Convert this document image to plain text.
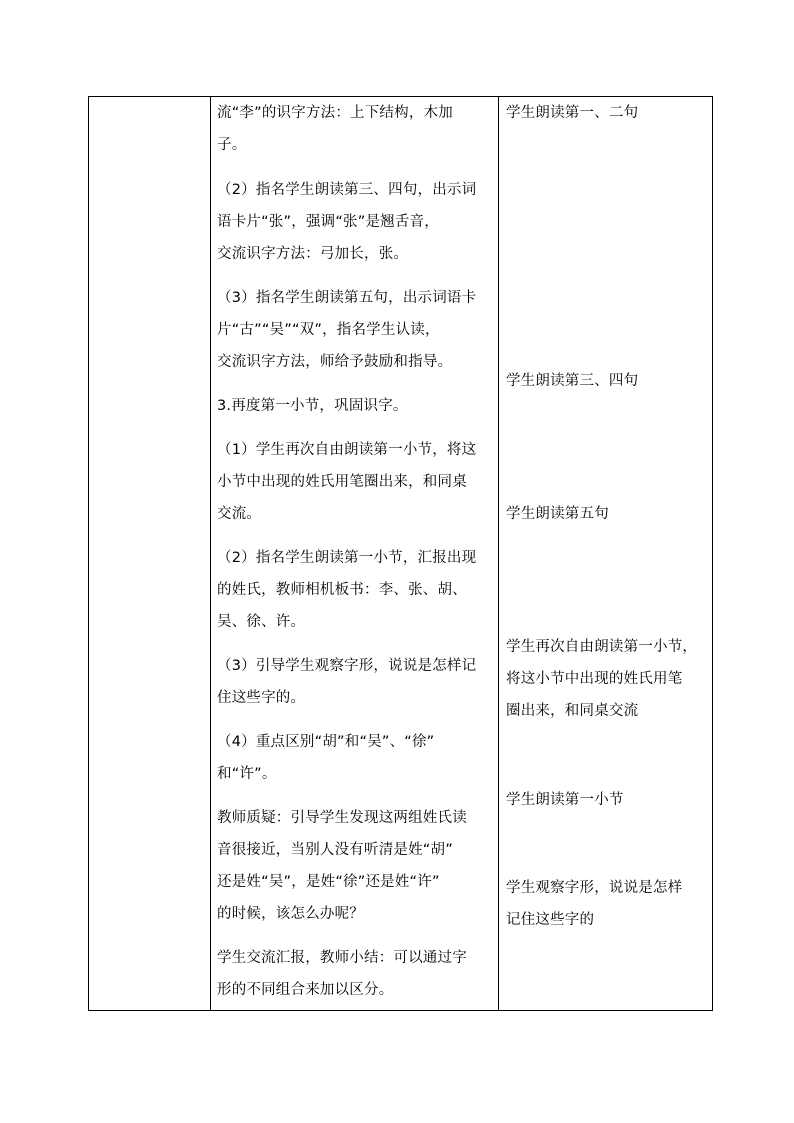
流“李”的识字方法：上下结构，木加
子。
（2）指名学生朗读第三、四句，出示词
语卡片“张”，强调“张”是翘舌音，
交流识字方法：弓加长，张。
（3）指名学生朗读第五句，出示词语卡
片“古”“吴”“双”，指名学生认读，
交流识字方法，师给予鼓励和指导。
3.再度第一小节，巩固识字。
（1）学生再次自由朗读第一小节，将这
小节中出现的姓氏用笔圈出来，和同桌
交流。
（2）指名学生朗读第一小节，汇报出现
的姓氏，教师相机板书：李、张、胡、
吴、徐、许。
（3）引导学生观察字形，说说是怎样记
住这些字的。
（4）重点区别“胡”和“吴”、“徐”
和“许”。
教师质疑：引导学生发现这两组姓氏读
音很接近，当别人没有听清是姓“胡”
还是姓“吴”，是姓“徐”还是姓“许”
的时候，该怎么办呢？
学生交流汇报，教师小结：可以通过字
形的不同组合来加以区分。
学生朗读第一、二句
学生朗读第三、四句
学生朗读第五句
学生再次自由朗读第一小节，
将这小节中出现的姓氏用笔
圈出来，和同桌交流
学生朗读第一小节
学生观察字形，说说是怎样
记住这些字的
